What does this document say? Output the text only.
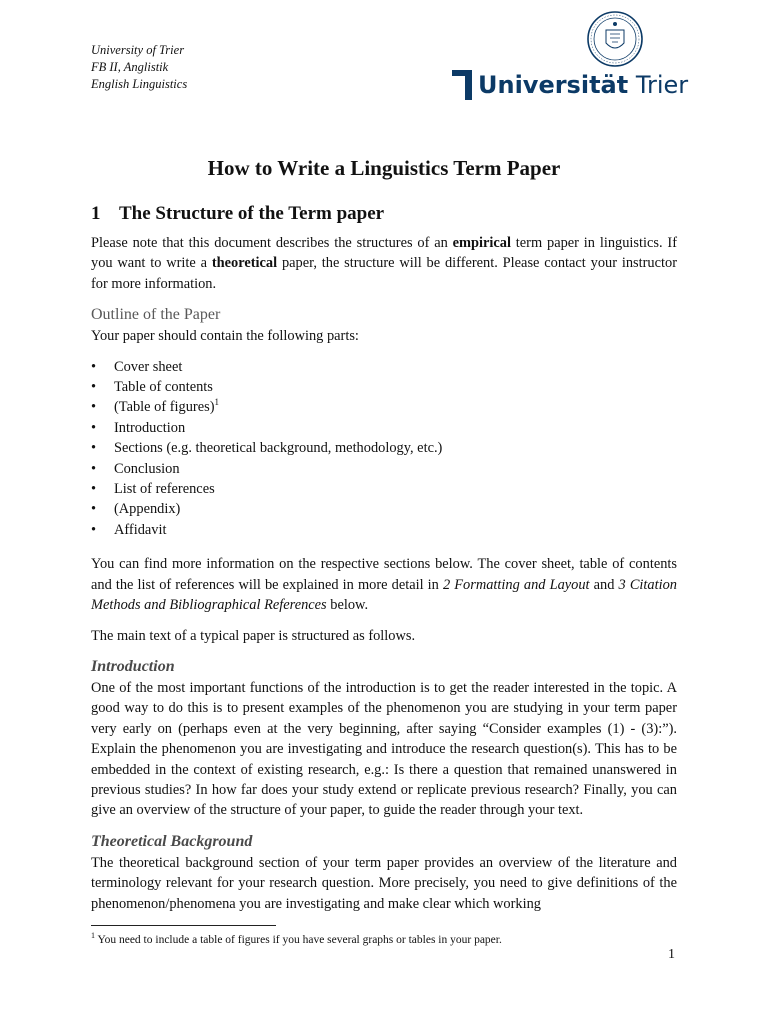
University of Trier
FB II, Anglistik
English Linguistics	Universität Trier
How to Write a Linguistics Term Paper
1 The Structure of the Term paper

Please note that this document describes the structures of an empirical term paper in linguistics. If you want to write a theoretical paper, the structure will be different. Please contact your instructor for more information.

Outline of the Paper

Your paper should contain the following parts:

• Cover sheet
• Table of contents
• (Table of figures)$^1$
• Introduction
• Sections (e.g. theoretical background, methodology, etc.)
• Conclusion
• List of references
• (Appendix)
• Affidavit

You can find more information on the respective sections below. The cover sheet, table of contents and the list of references will be explained in more detail in 2 Formatting and Layout and 3 Citation Methods and Bibliographical References below.

The main text of a typical paper is structured as follows.

Introduction

One of the most important functions of the introduction is to get the reader interested in the topic. A good way to do this is to present examples of the phenomenon you are studying in your term paper very early on (perhaps even at the very beginning, after saying “Consider examples (1) - (3):”). Explain the phenomenon you are investigating and introduce the research question(s). This has to be embedded in the context of existing research, e.g.: Is there a question that remained unanswered in previous studies? In how far does your study extend or replicate previous research? Finally, you can give an overview of the structure of your paper, to guide the reader through your text.

Theoretical Background

The theoretical background section of your term paper provides an overview of the literature and terminology relevant for your research question. More precisely, you need to give definitions of the phenomenon/phenomena you are investigating and make clear which working

$^1$ You need to include a table of figures if you have several graphs or tables in your paper.
1
